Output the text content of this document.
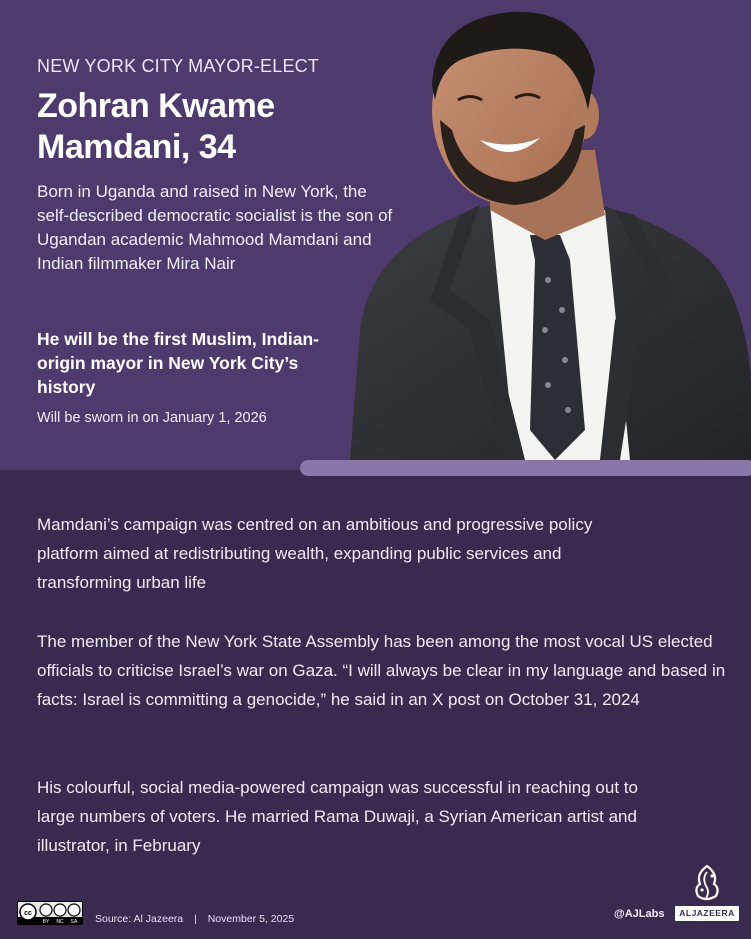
NEW YORK CITY MAYOR-ELECT
Zohran Kwame
Mamdani, 34
Born in Uganda and raised in New York, the self-described democratic socialist is the son of Ugandan academic Mahmood Mamdani and Indian filmmaker Mira Nair
He will be the first Muslim, Indian-origin mayor in New York City’s history
Will be sworn in on January 1, 2026
Mamdani’s campaign was centred on an ambitious and progressive policy platform aimed at redistributing wealth, expanding public services and transforming urban life
The member of the New York State Assembly has been among the most vocal US elected officials to criticise Israel’s war on Gaza. “I will always be clear in my language and based in facts: Israel is committing a genocide,” he said in an X post on October 31, 2024
His colourful, social media-powered campaign was successful in reaching out to large numbers of voters. He married Rama Duwaji, a Syrian American artist and illustrator, in February
cc
BY NC SA Source: Al Jazeera | November 5, 2025	@AJLabs	ALJAZEERA
